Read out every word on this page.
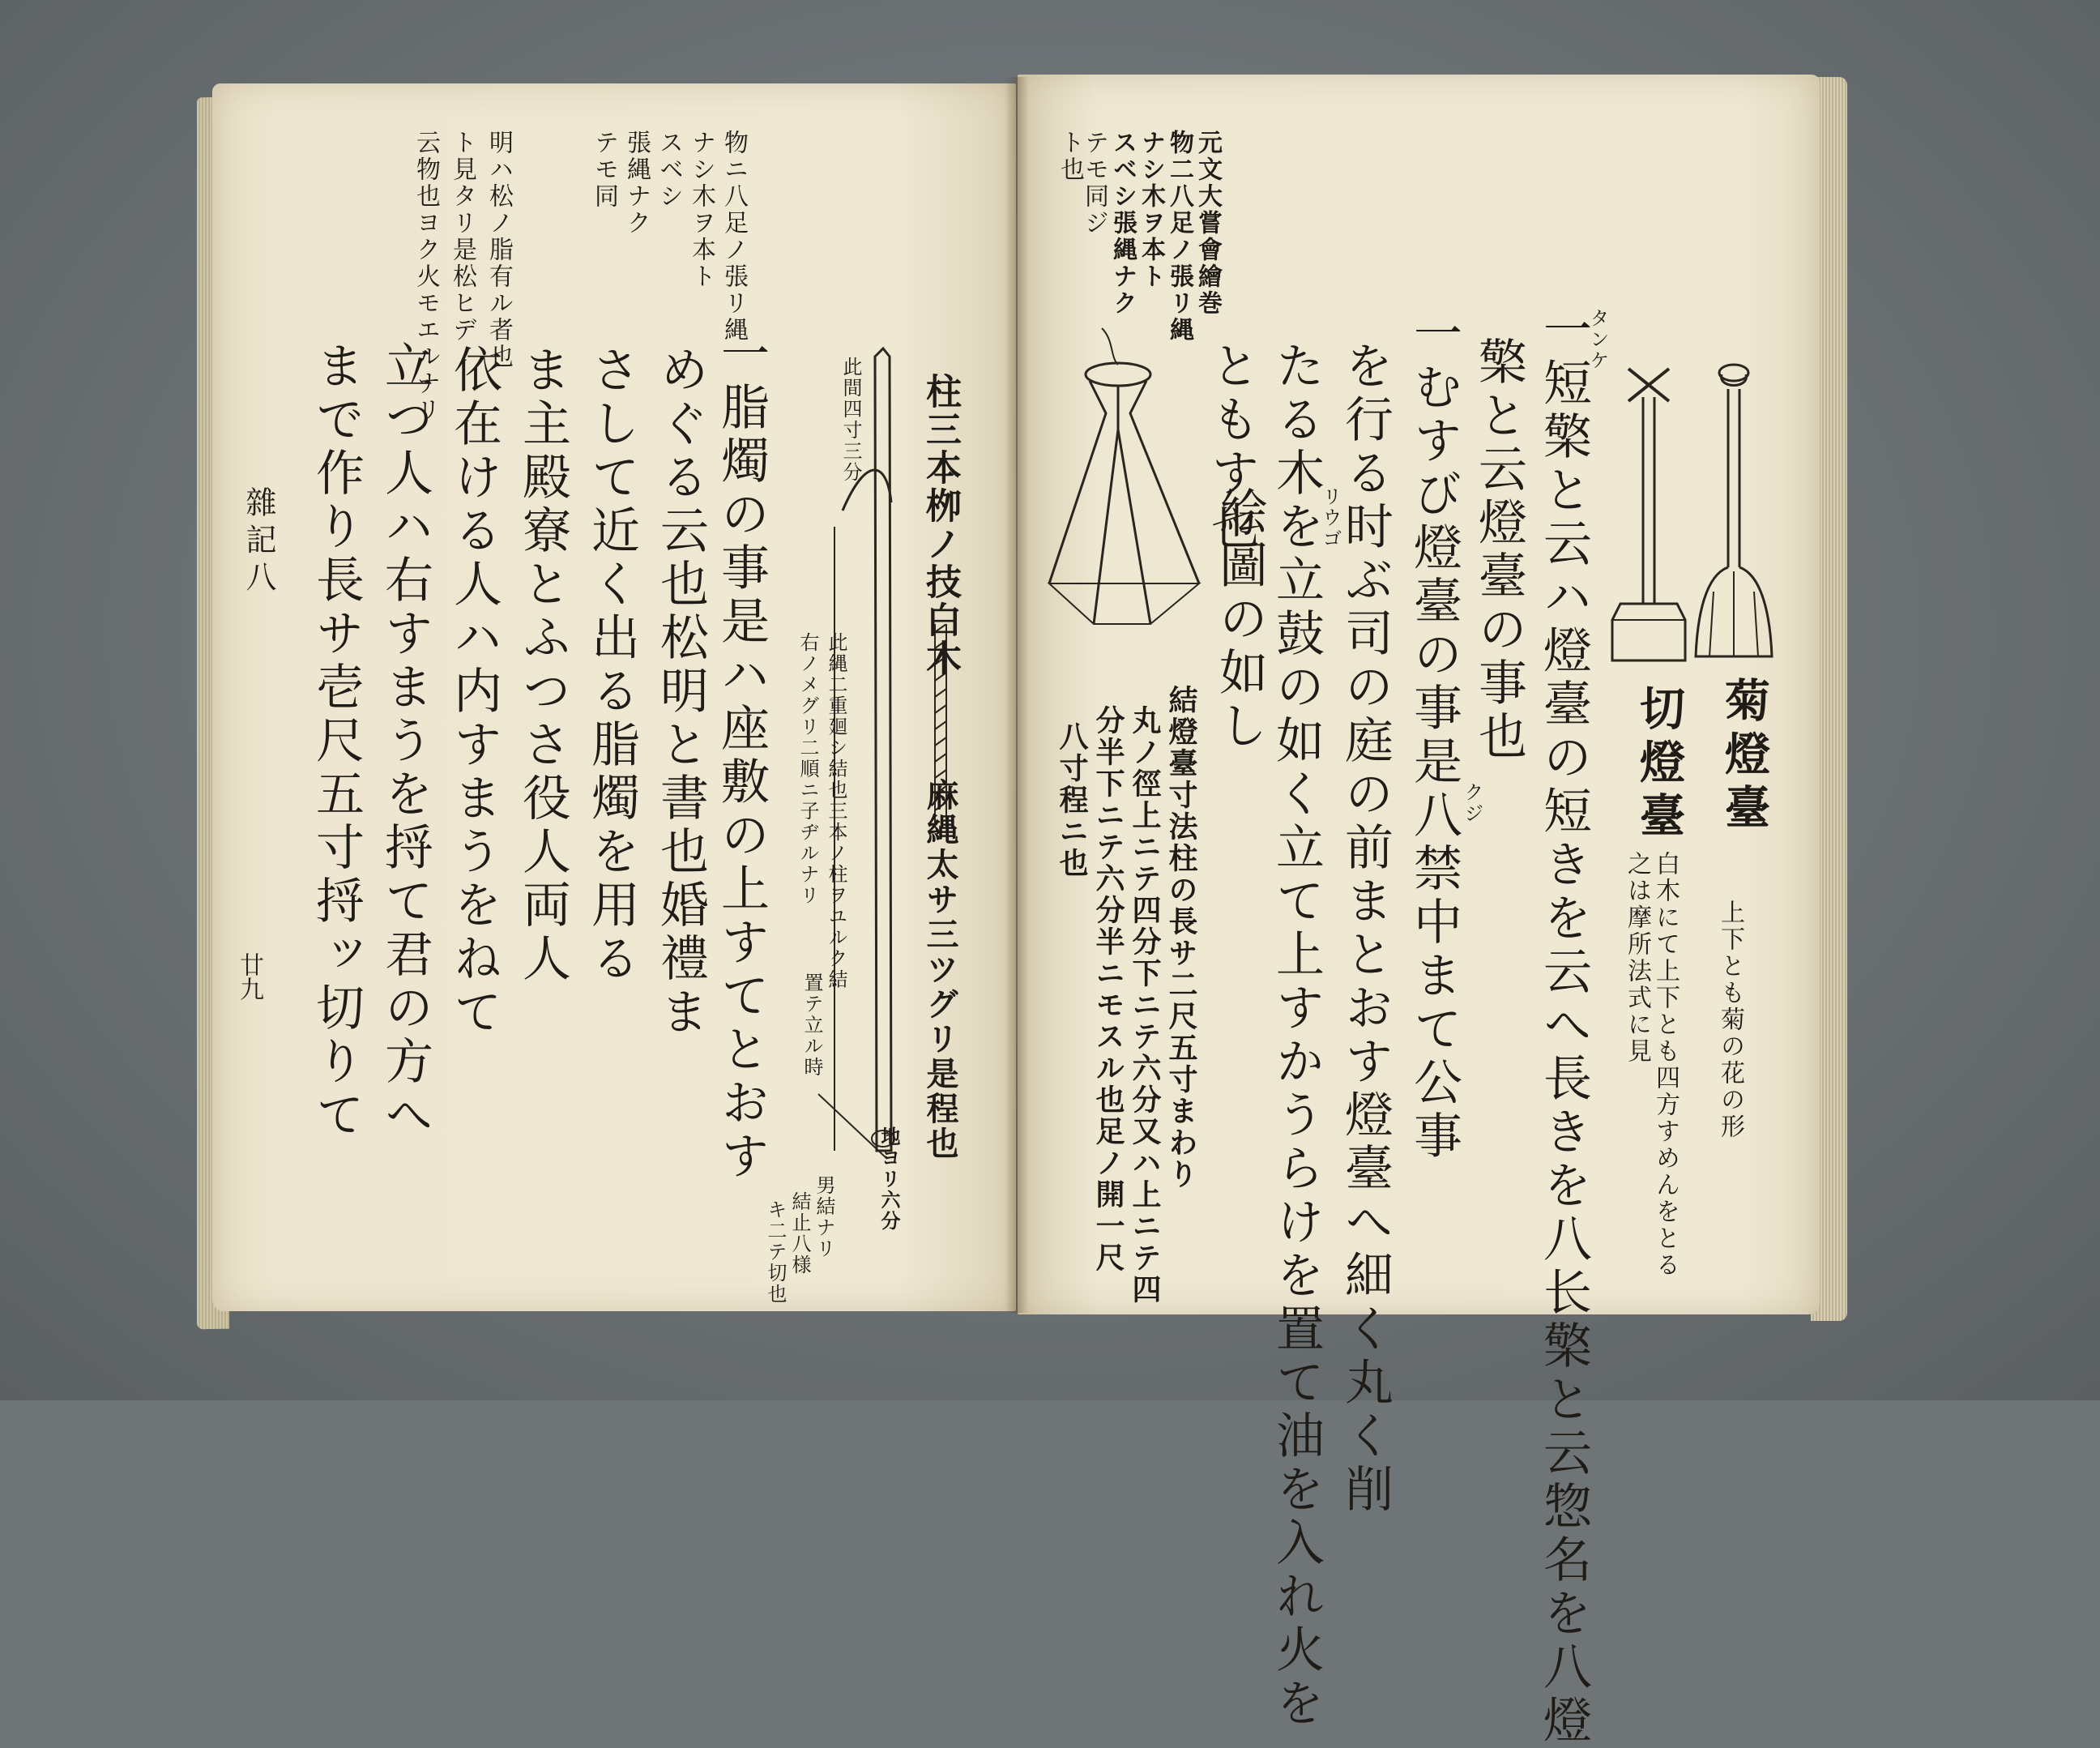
物ニ八足ノ張リ縄
ナシ木ヲ本ト
スベシ
張縄ナク
テモ同
明ハ松ノ脂有ル者也
ト見タリ是松ヒデ
云物也ヨク火モエルナリ	此間四寸三分 柱三本栁ノ技白木
麻縄太サ三ツグリ是程也
此縄二重廻シ結也三本ノ柱ヲユルク結
置テ立ル時
右ノメグリ二順ニ子ヂルナリ
男結ナリ
結止八様
キ二テ切也
地ヨリ六分
一脂燭の事是ハ座敷の上すてとおす
めぐる云也松明と書也婚禮ま
さして近く出る脂燭を用る
ま主殿寮とふつさ役人両人
依在ける人ハ内すまうをねて
立つ人ハ右すまうを捋て君の方へ
まで作り長サ壱尺五寸捋ッ切りて
雜記八
廿九
元文大嘗會繪巻
物二八足ノ張リ縄
ナシ木ヲ本ト
スベシ張縄ナク
テモ同ジ
ト也
一短檠と云ハ燈臺の短きを云へ長きを八长檠と云惣名を八燈
檠と云燈臺の事也
一むすび燈臺の事是八禁中まて公事
を行る时ぶ司の庭の前まとおす燈臺へ細く丸く削
たる木を立鼓の如く立て上すかうらけを置て油を入れ火を
ともす也
絵圖の如し
タンケ
リウゴ
クジ	菊燈臺
上下とも菊の花の形
切燈臺
白木にて上下とも四方すめんをとる
之は摩所法式に見
結燈臺寸法柱の長サ二尺五寸まわり
丸ノ徑上ニテ四分下ニテ六分又ハ上ニテ四
分半下ニテ六分半ニモスル也足ノ開一尺
八寸程ニ也
